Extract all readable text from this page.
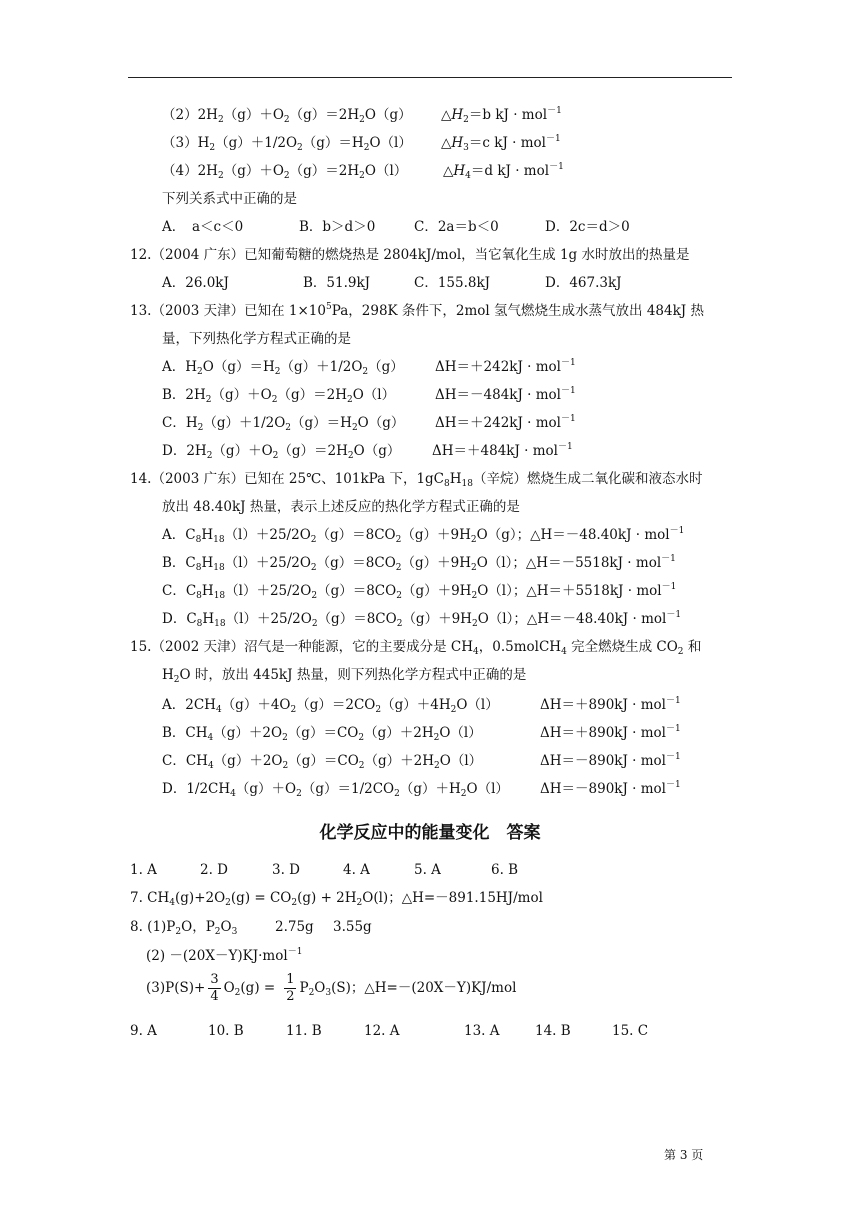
$(2)2H_2(g)+O_2(g)=2H_2O(g)$ $\triangle H_2=b$ kJ · mol$^{-1}$
$(3)H_2(g)+1/2O_2(g)=H_2O(l)$ $\triangle H_3=c$ kJ · mol$^{-1}$
$(4)2H_2(g)+O_2(g)=2H_2O(l)$	$\triangle H_4=d$ kJ · mol$^{-1}$
下列关系式中正确的是
A．　a＜c＜0	B．b＞d＞0	C．2a＝b＜0	D．2c＝d＞0
12.（2004 广东）已知葡萄糖的燃烧热是 2804kJ/mol，当它氧化生成 1g 水时放出的热量是
A．26.0kJ	B．51.9kJ	C．155.8kJ	D．467.3kJ
13.（2003 天津）已知在 $1\times 10^5Pa$，298K 条件下，2mol 氢气燃烧生成水蒸气放出 484kJ 热
量，下列热化学方程式正确的是
A．$H_2O(g)=H_2(g)+1/2O_2(g) \Delta H=+242kJ \cdot mol^{-1}$
B．$2H_2(g)+O_2(g)=2H_2O(l)$	ΔH＝－484kJ · mol$^{-1}$
C．$H_2(g)+1/2O_2(g)=H_2O(g) \Delta H=+242kJ \cdot mol^{-1}$
D．$2H_2(g)+O_2(g)=2H_2O(g) \Delta H=+484kJ \cdot mol^{-1}$
14.（2003 广东）已知在 25℃、101kPa 下，$1gC_8H_{18}$（辛烷）燃烧生成二氧化碳和液态水时
放出 48.40kJ 热量，表示上述反应的热化学方程式正确的是
A．$C_8H_{18}(l)+25/2O_2(g)=8CO_2(g)+9H_2O(g)$；△H＝－48.40kJ · mol$^{-1}$
B．$C_8H_{18}(l)+25/2O_2(g)=8CO_2(g)+9H_2O(l)$；△H＝－5518kJ · mol$^{-1}$
C．$C_8H_{18}(l)+25/2O_2(g)=8CO_2(g)+9H_2O(l)$；△H＝＋5518kJ · mol$^{-1}$
D．$C_8H_{18}(l)+25/2O_2(g)=8CO_2(g)+9H_2O(l)$；△H＝－48.40kJ · mol$^{-1}$
15.（2002 天津）沼气是一种能源，它的主要成分是 $CH_4$，0.5molCH$_4$ 完全燃烧生成 $CO_2$ 和
$H_2O$ 时，放出 445kJ 热量，则下列热化学方程式中正确的是
A．$2CH_4(g)+4O_2(g)=2CO_2(g)+4H_2O(l)$	ΔH＝＋890kJ · mol$^{-1}$
B．$CH_4(g)+2O_2(g)=CO_2(g)+2H_2O(l)$	ΔH＝＋890kJ · mol$^{-1}$
C．$CH_4(g)+2O_2(g)=CO_2(g)+2H_2O(l)$	ΔH＝－890kJ · mol$^{-1}$
D．$1/2CH_4(g)+O_2(g)=1/2CO_2(g)+H_2O(l) \Delta H=-890kJ \cdot mol^{-1}$
化学反应中的能量变化　答案
1. A	2. D	3. D	4. A	5. A	6. B
7. $CH_4(g)+2O_2(g) = CO_2(g) + 2H_2O(l)$；△H=－891.15HJ/mol
8. $(1)P_2O$，$P_2O_3$	2.75g 3.55g
(2) －(20X－Y)KJ·mol$^{-1}$
$(3)P(S)+ \frac{3}{4} O_2(g) = \frac{1}{2} P_2O_3(S)$；△H=－(20X－Y)KJ/mol
9. A	10. B	11. B	12. A	13. A	14. B	15. C
第 3 页
